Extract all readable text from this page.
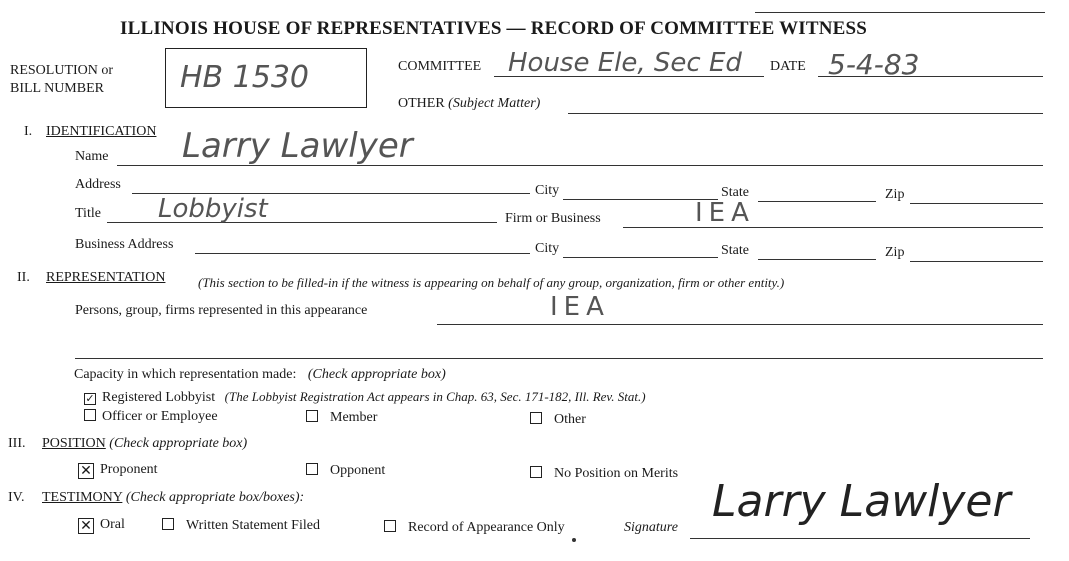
ILLINOIS HOUSE OF REPRESENTATIVES — RECORD OF COMMITTEE WITNESS
RESOLUTION or
BILL NUMBER	HB 1530	COMMITTEE House Ele, Sec Ed DATE 5-4-83
OTHER (Subject Matter)
I. IDENTIFICATION
Name Larry Lawlyer
Address	City	State	Zip
Title Lobbyist	Firm or Business	IEA
Business Address	City	State	Zip
II. REPRESENTATION	(This section to be filled-in if the witness is appearing on behalf of any group, organization, firm or other entity.)
Persons, group, firms represented in this appearance	IEA
Capacity in which representation made: (Check appropriate box)
✓ Registered Lobbyist (The Lobbyist Registration Act appears in Chap. 63, Sec. 171-182, Ill. Rev. Stat.)
Officer or Employee	Member	Other
III. POSITION (Check appropriate box)
✕ Proponent	Opponent	No Position on Merits
IV. TESTIMONY (Check appropriate box/boxes):
✕ Oral	Written Statement Filed	Record of Appearance Only	Signature
Larry Lawlyer
